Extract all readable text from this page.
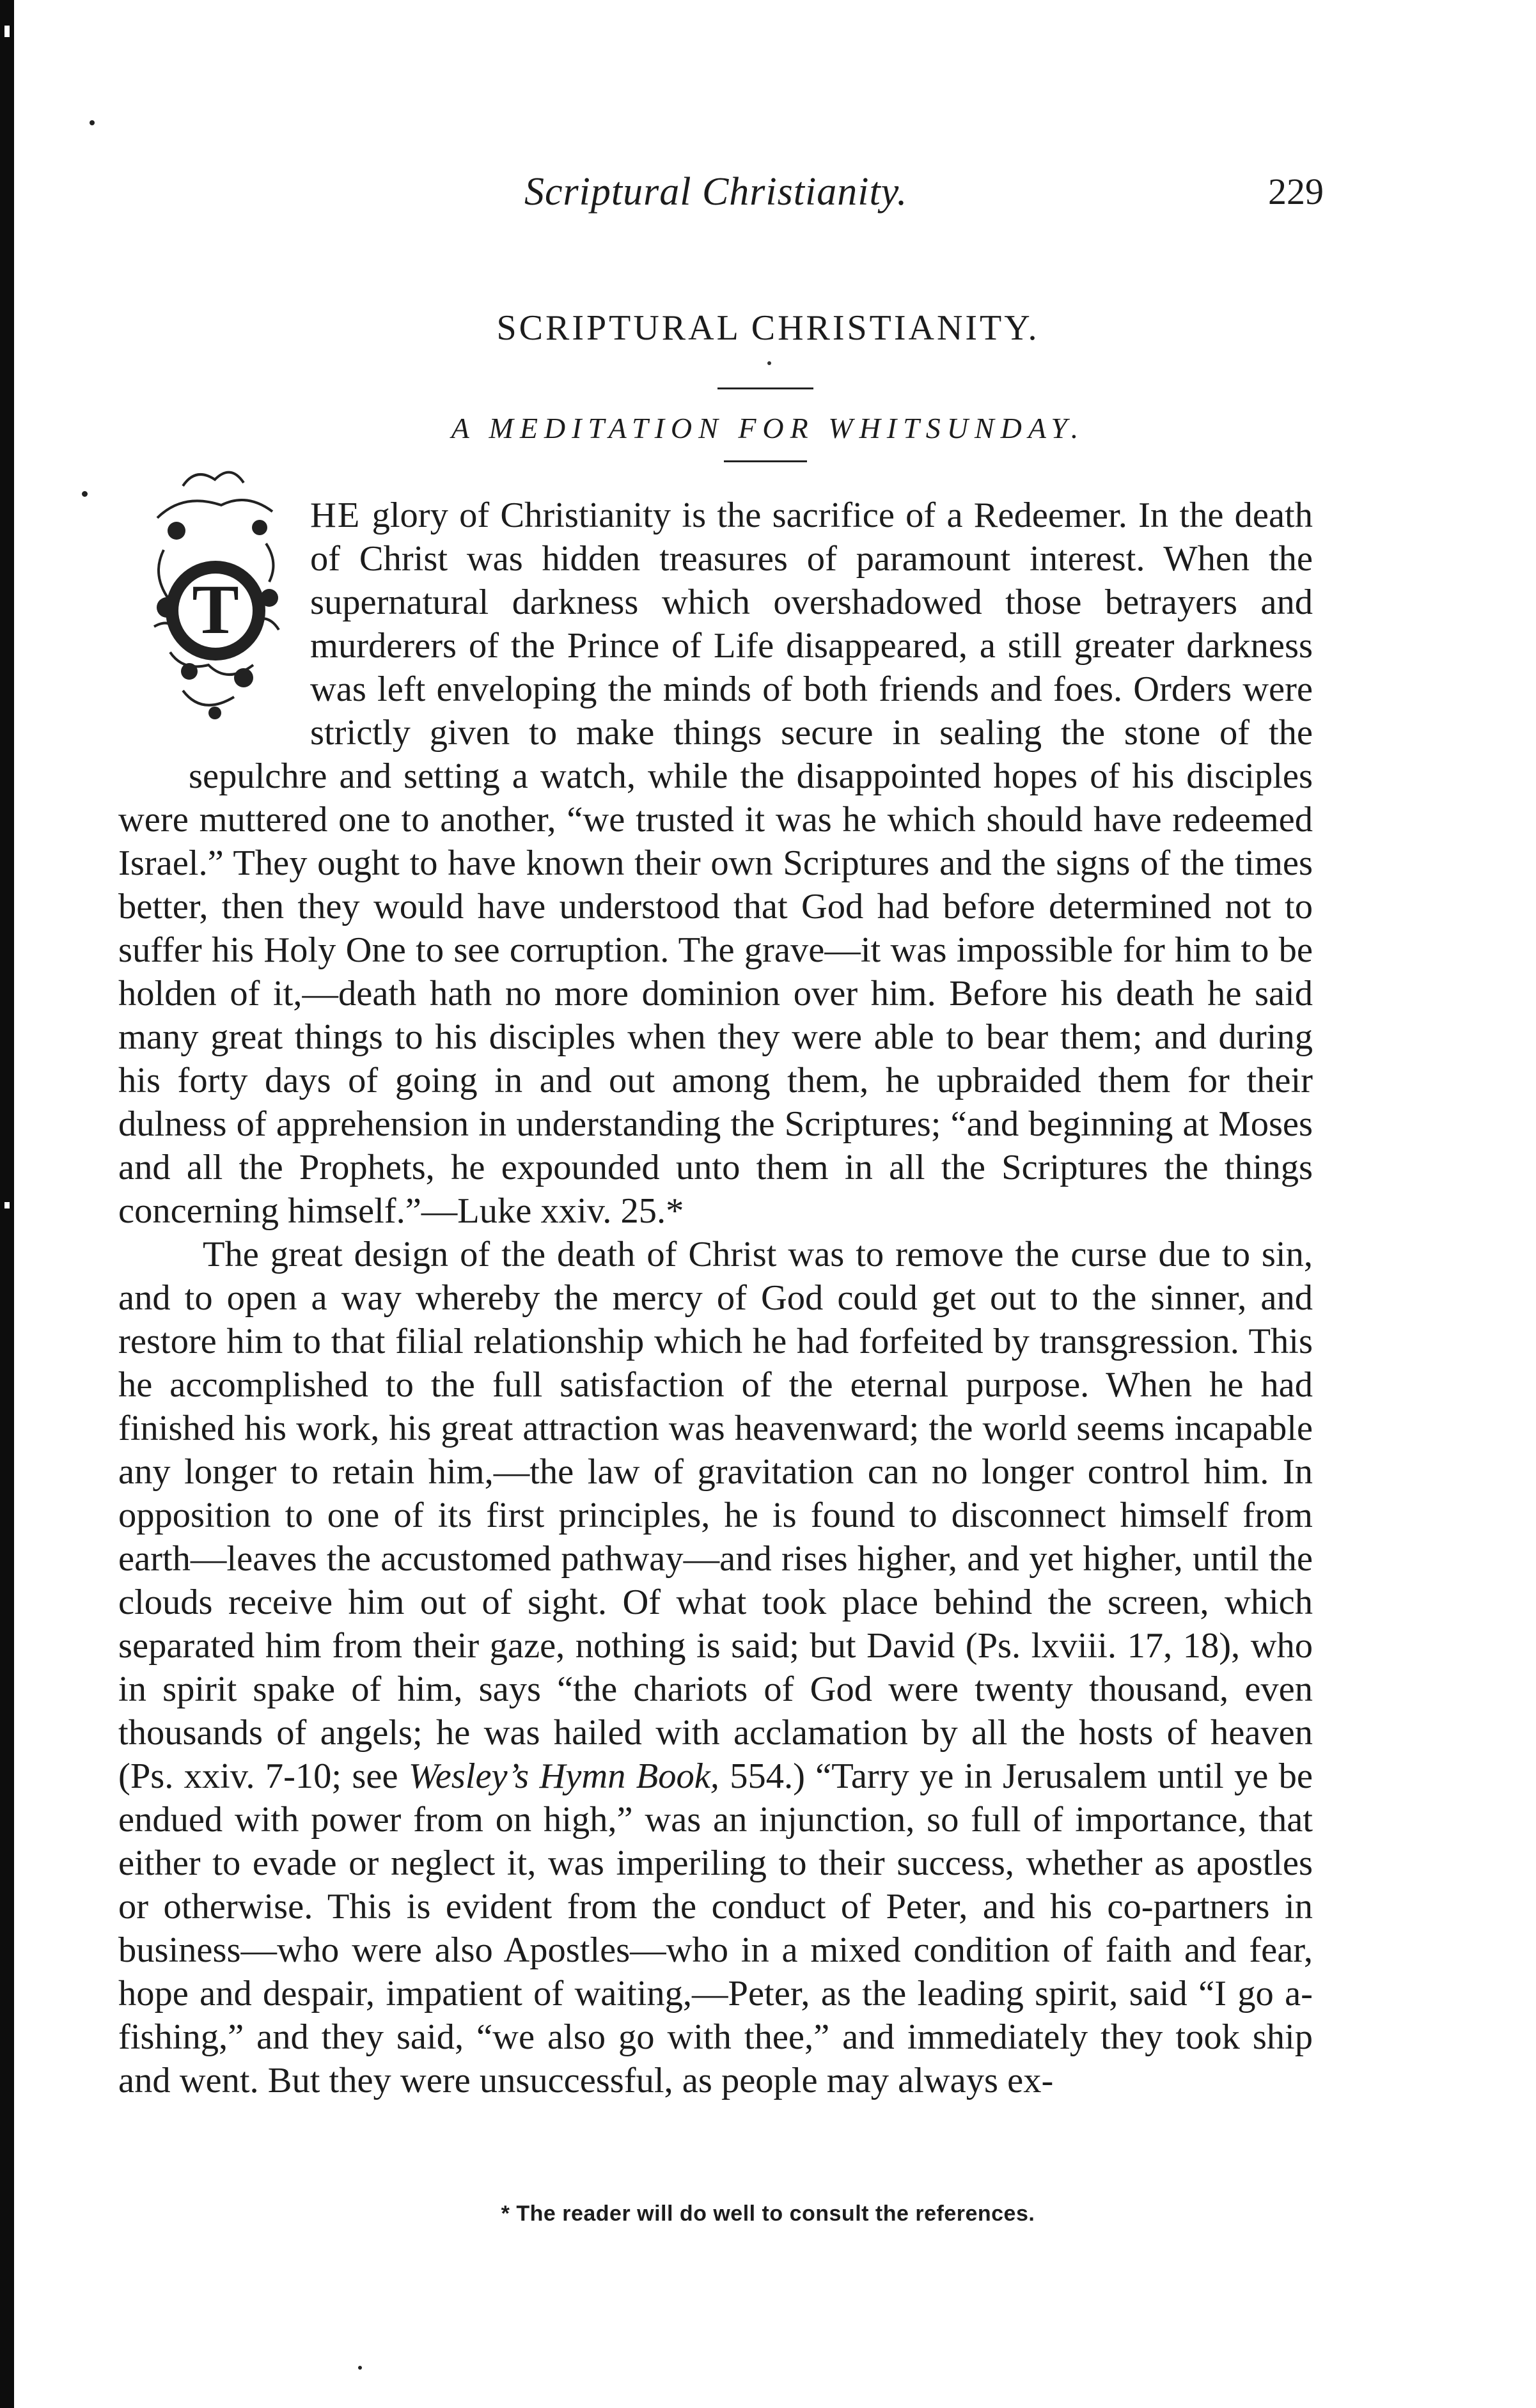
Scriptural Christianity.	229
SCRIPTURAL CHRISTIANITY.
A MEDITATION FOR WHITSUNDAY.
T

HE glory of Christianity is the sacrifice of a Redeemer. In the death of Christ was hidden treasures of paramount interest. When the supernatural darkness which overshadowed those betrayers and murderers of the Prince of Life disappeared, a still greater darkness was left enveloping the minds of both friends and foes. Orders were strictly given to make things secure in sealing the stone of the sepulchre and setting a watch, while the disappointed hopes of his disciples were muttered one to another, “we trusted it was he which should have redeemed Israel.” They ought to have known their own Scriptures and the signs of the times better, then they would have understood that God had before determined not to suffer his Holy One to see corruption. The grave—it was impossible for him to be holden of it,—death hath no more dominion over him. Before his death he said many great things to his disciples when they were able to bear them; and during his forty days of going in and out among them, he upbraided them for their dulness of apprehension in understanding the Scriptures; “and beginning at Moses and all the Prophets, he expounded unto them in all the Scriptures the things concerning himself.”—Luke xxiv. 25.*

The great design of the death of Christ was to remove the curse due to sin, and to open a way whereby the mercy of God could get out to the sinner, and restore him to that filial relationship which he had forfeited by transgression. This he accomplished to the full satisfaction of the eternal purpose. When he had finished his work, his great attraction was heavenward; the world seems incapable any longer to retain him,—the law of gravitation can no longer control him. In opposition to one of its first principles, he is found to disconnect himself from earth—leaves the accustomed pathway—and rises higher, and yet higher, until the clouds receive him out of sight. Of what took place behind the screen, which separated him from their gaze, nothing is said; but David (Ps. lxviii. 17, 18), who in spirit spake of him, says “the chariots of God were twenty thousand, even thousands of angels; he was hailed with acclamation by all the hosts of heaven (Ps. xxiv. 7-10; see Wesley’s Hymn Book, 554.) “Tarry ye in Jerusalem until ye be endued with power from on high,” was an injunction, so full of importance, that either to evade or neglect it, was imperiling to their success, whether as apostles or otherwise. This is evident from the conduct of Peter, and his co-partners in business—who were also Apostles—who in a mixed condition of faith and fear, hope and despair, impatient of waiting,—Peter, as the leading spirit, said “I go a-fishing,” and they said, “we also go with thee,” and immediately they took ship and went. But they were unsuccessful, as people may always ex-

* The reader will do well to consult the references.
